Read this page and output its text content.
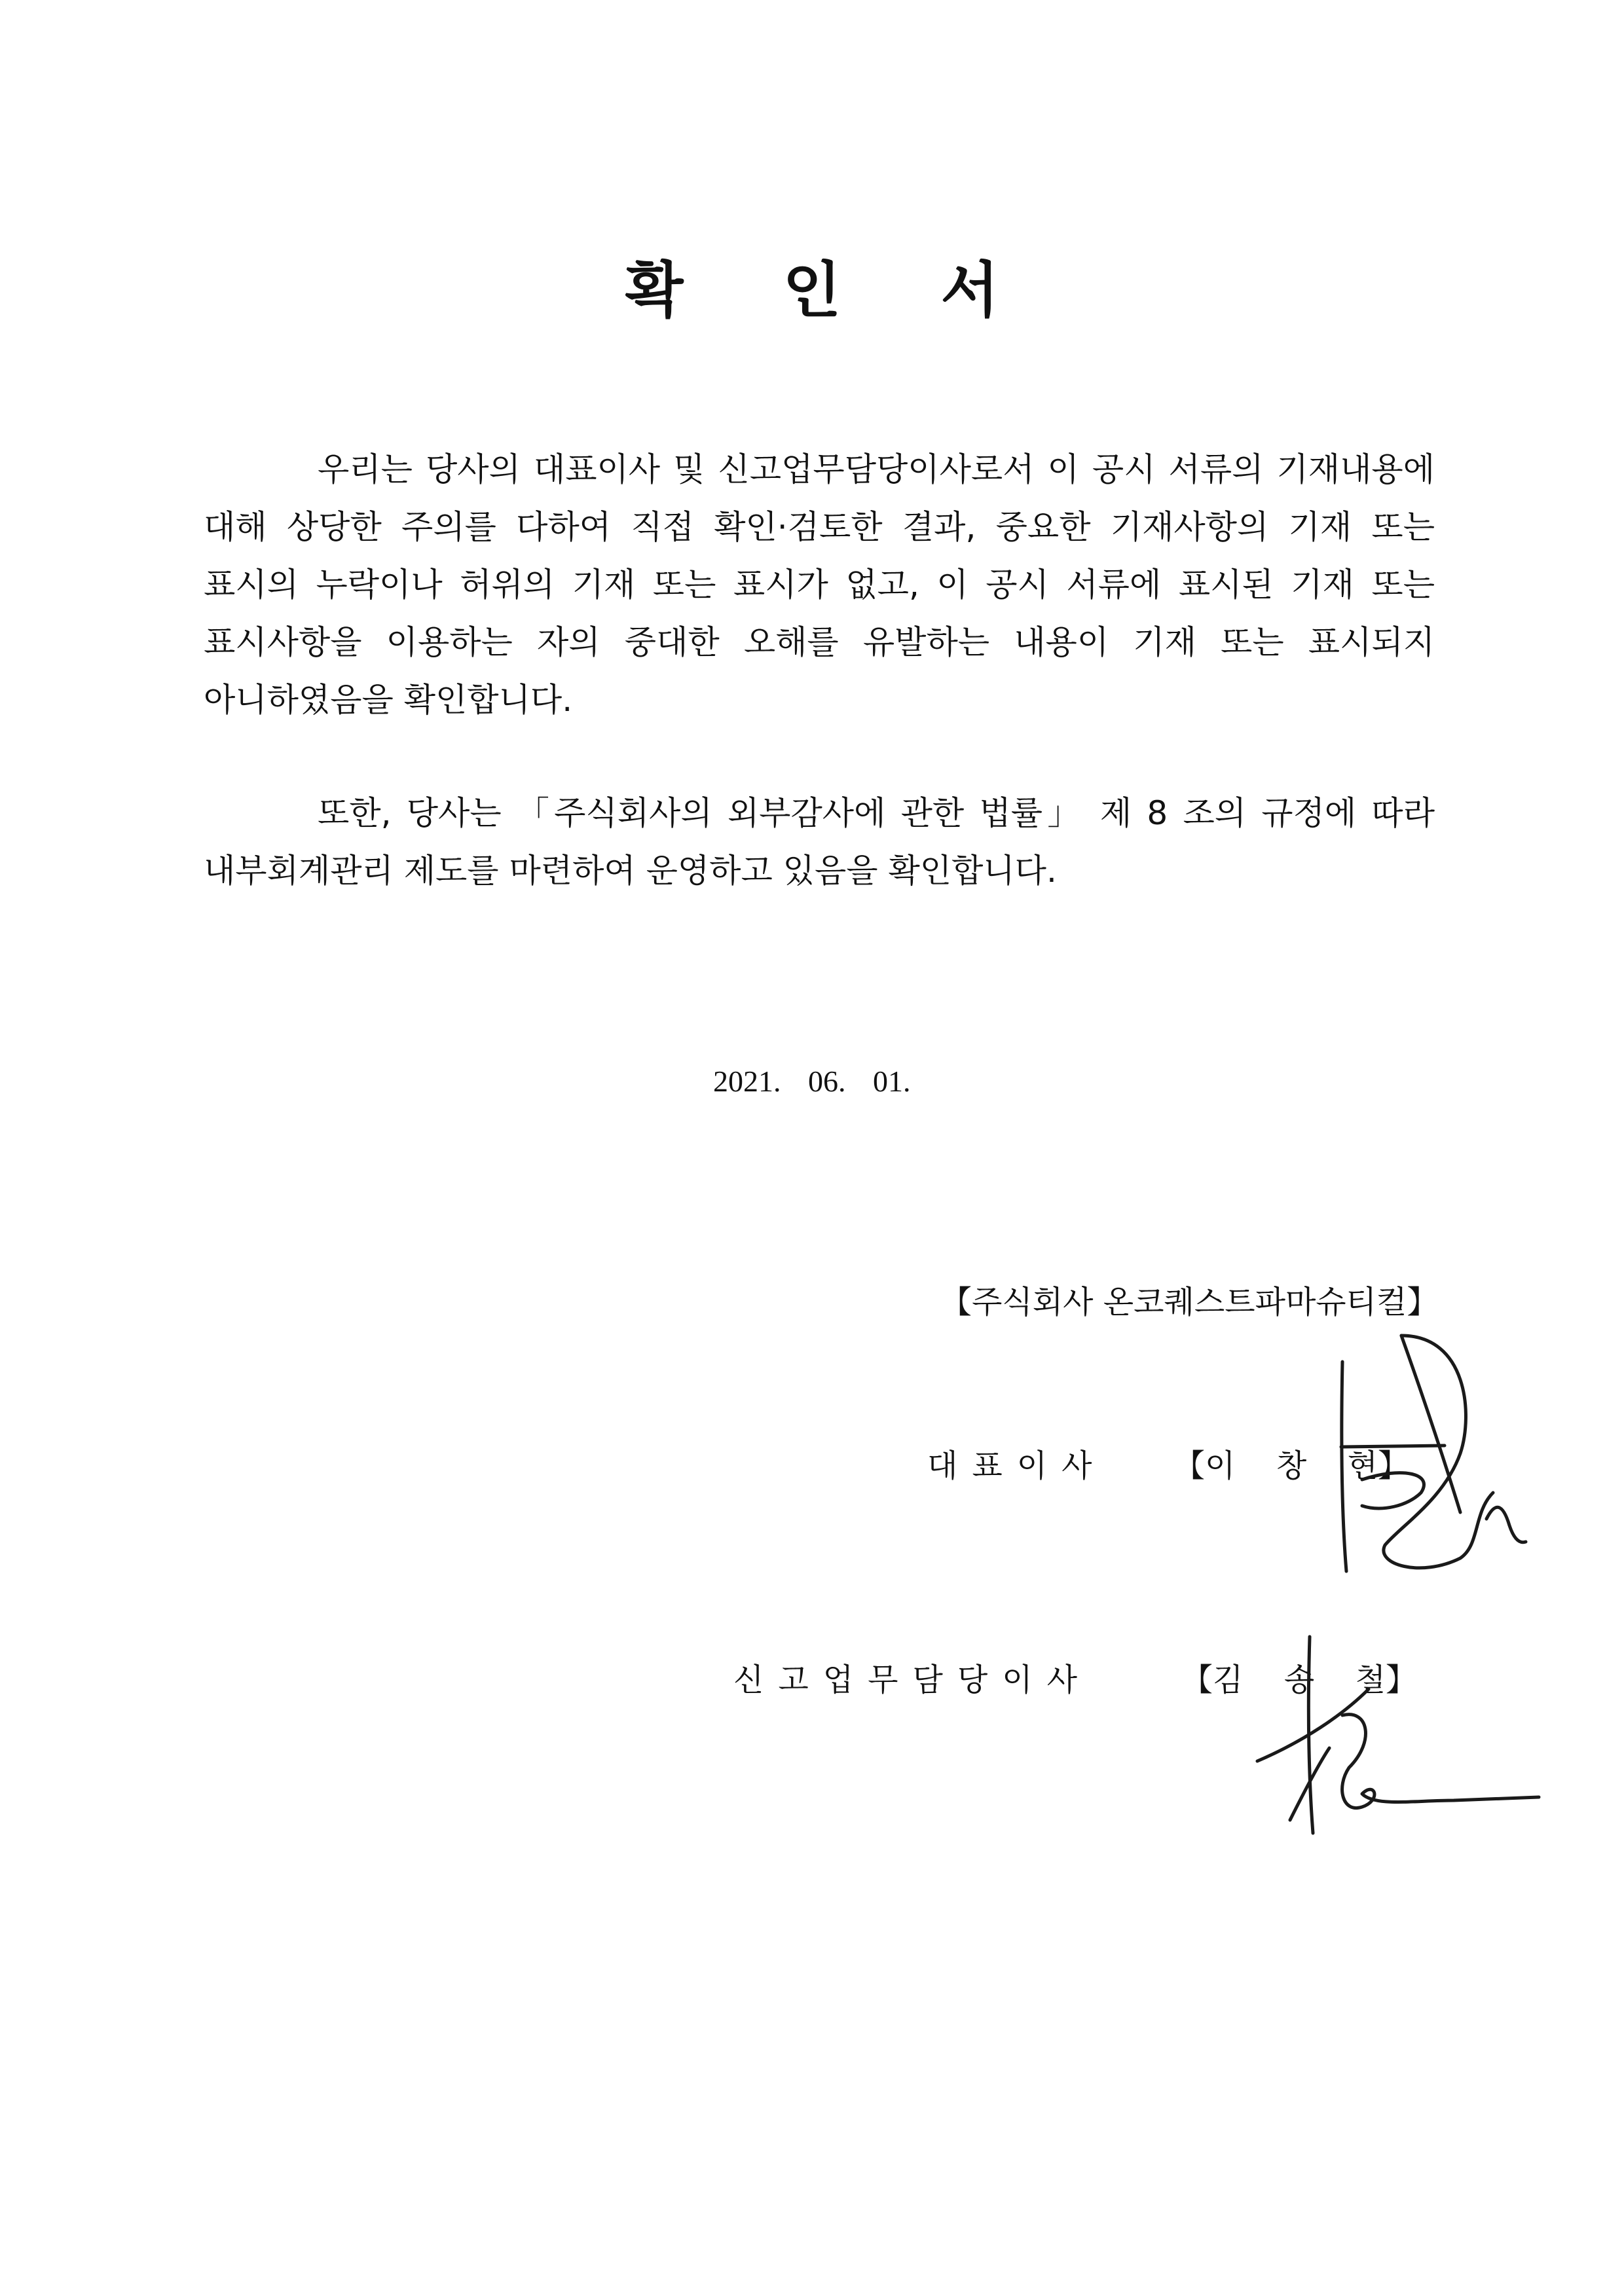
확 인 서
우리는 당사의 대표이사 및 신고업무담당이사로서 이 공시 서류의 기재내용에
대해 상당한 주의를 다하여 직접 확인·검토한 결과, 중요한 기재사항의 기재 또는
표시의 누락이나 허위의 기재 또는 표시가 없고, 이 공시 서류에 표시된 기재 또는
표시사항을 이용하는 자의 중대한 오해를 유발하는 내용이 기재 또는 표시되지
아니하였음을 확인합니다.
또한, 당사는 「주식회사의 외부감사에 관한 법률」 제 8 조의 규정에 따라
내부회계관리 제도를 마련하여 운영하고 있음을 확인합니다.
2021. 06. 01.
【주식회사 온코퀘스트파마슈티컬】
대표이사 【이 창 현】
신고업무담당이사	【김 송 철】
